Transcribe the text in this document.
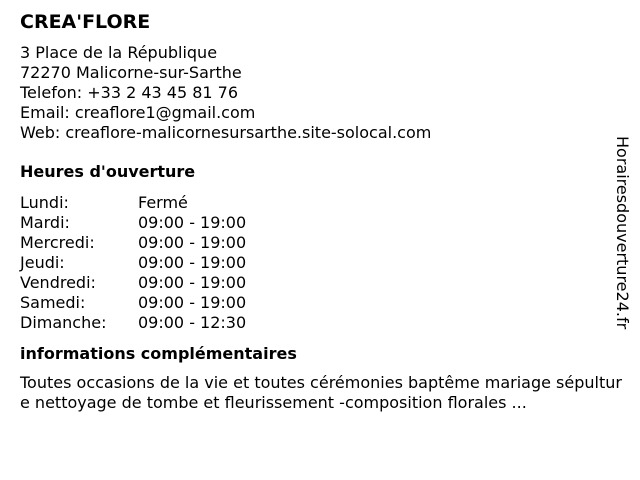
CREA'FLORE
3 Place de la République
72270 Malicorne-sur-Sarthe
Telefon: +33 2 43 45 81 76
Email: creaflore1@gmail.com
Web: creaflore-malicornesursarthe.site-solocal.com
Heures d'ouverture
Lundi:	Fermé
Mardi:	09:00 - 19:00
Mercredi:	09:00 - 19:00
Jeudi:	09:00 - 19:00
Vendredi:	09:00 - 19:00
Samedi:	09:00 - 19:00
Dimanche:	09:00 - 12:30
informations complémentaires
Toutes occasions de la vie et toutes cérémonies baptême mariage sépulture nettoyage de tombe et fleurissement -composition florales ...
Horairesdouverture24.fr
